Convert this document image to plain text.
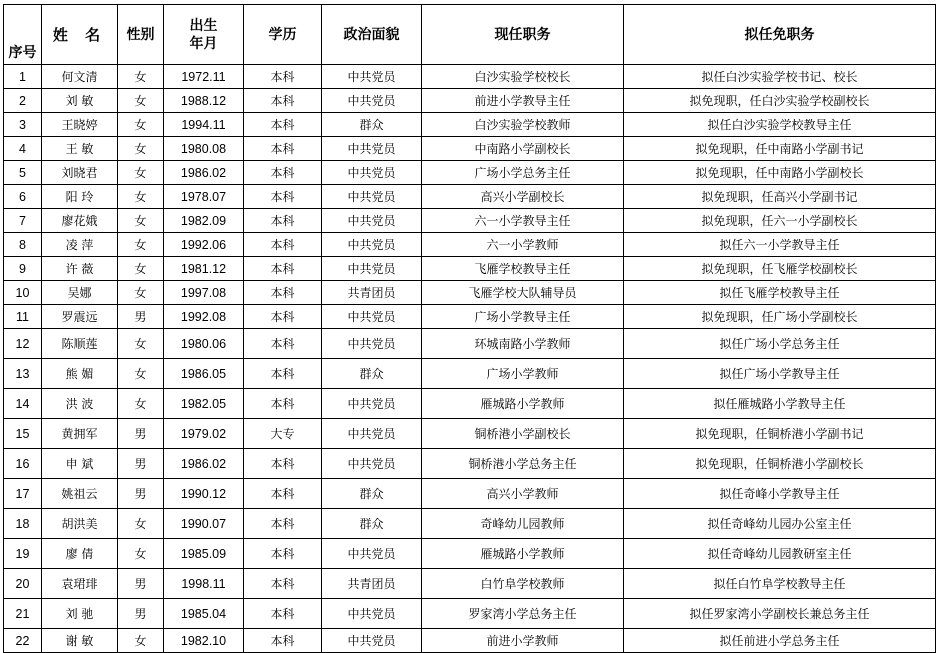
序号	姓 名	性别	出生
年月	学历	政治面貌	现任职务	拟任免职务
1	何文清	女	1972.11	本科	中共党员	白沙实验学校校长	拟任白沙实验学校书记、校长
2	刘 敏	女	1988.12	本科	中共党员	前进小学教导主任	拟免现职，任白沙实验学校副校长
3	王晓婷	女	1994.11	本科	群众	白沙实验学校教师	拟任白沙实验学校教导主任
4	王 敏	女	1980.08	本科	中共党员	中南路小学副校长	拟免现职，任中南路小学副书记
5	刘晓君	女	1986.02	本科	中共党员	广场小学总务主任	拟免现职，任中南路小学副校长
6	阳 玲	女	1978.07	本科	中共党员	高兴小学副校长	拟免现职，任高兴小学副书记
7	廖花娥	女	1982.09	本科	中共党员	六一小学教导主任	拟免现职，任六一小学副校长
8	凌 萍	女	1992.06	本科	中共党员	六一小学教师	拟任六一小学教导主任
9	许 薇	女	1981.12	本科	中共党员	飞雁学校教导主任	拟免现职，任飞雁学校副校长
10	吴娜	女	1997.08	本科	共青团员	飞雁学校大队辅导员	拟任飞雁学校教导主任
11	罗震远	男	1992.08	本科	中共党员	广场小学教导主任	拟免现职，任广场小学副校长
12	陈顺莲	女	1980.06	本科	中共党员	环城南路小学教师	拟任广场小学总务主任
13	熊 媚	女	1986.05	本科	群众	广场小学教师	拟任广场小学教导主任
14	洪 波	女	1982.05	本科	中共党员	雁城路小学教师	拟任雁城路小学教导主任
15	黄拥军	男	1979.02	大专	中共党员	铜桥港小学副校长	拟免现职，任铜桥港小学副书记
16	申 斌	男	1986.02	本科	中共党员	铜桥港小学总务主任	拟免现职，任铜桥港小学副校长
17	姚祖云	男	1990.12	本科	群众	高兴小学教师	拟任奇峰小学教导主任
18	胡洪美	女	1990.07	本科	群众	奇峰幼儿园教师	拟任奇峰幼儿园办公室主任
19	廖 倩	女	1985.09	本科	中共党员	雁城路小学教师	拟任奇峰幼儿园教研室主任
20	袁珺琲	男	1998.11	本科	共青团员	白竹阜学校教师	拟任白竹阜学校教导主任
21	刘 驰	男	1985.04	本科	中共党员	罗家湾小学总务主任	拟任罗家湾小学副校长兼总务主任
22	谢 敏	女	1982.10	本科	中共党员	前进小学教师	拟任前进小学总务主任
